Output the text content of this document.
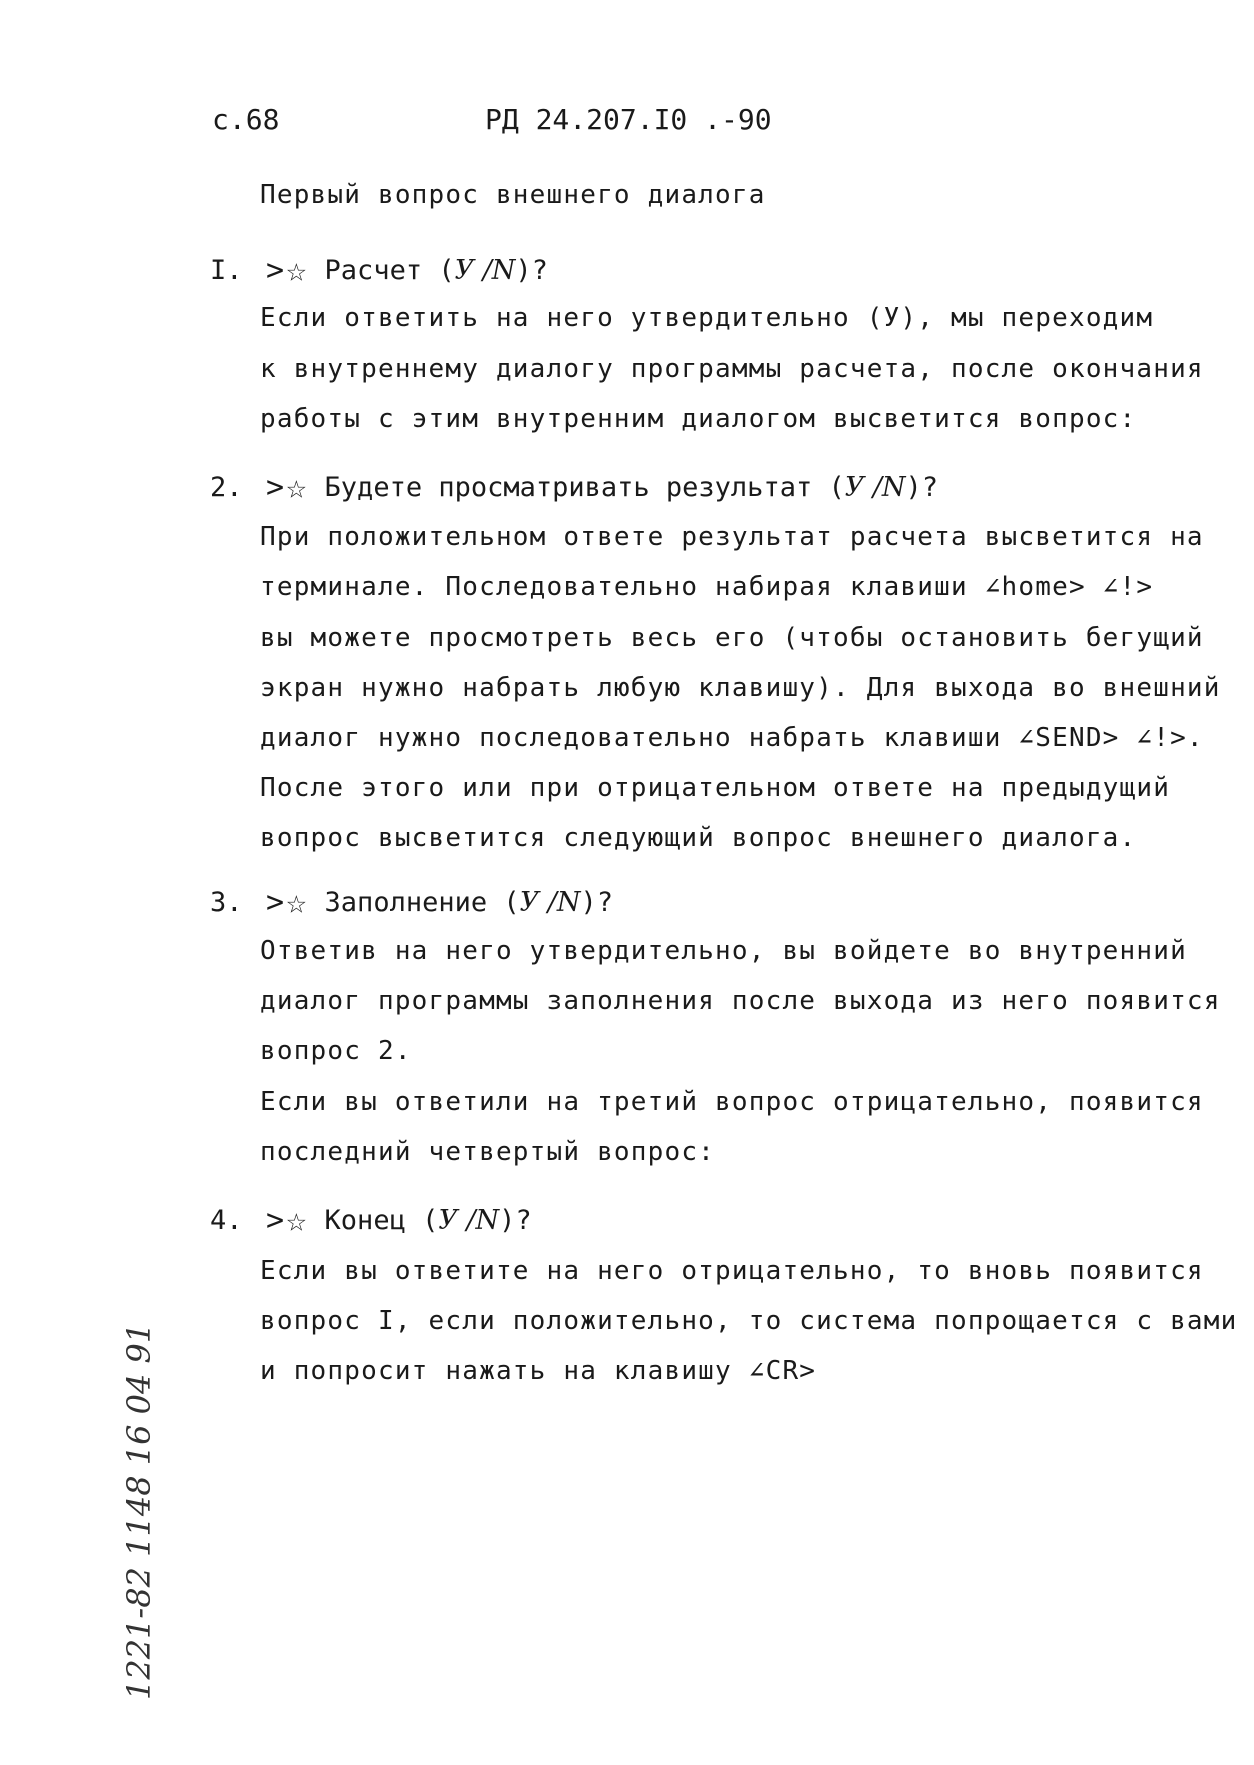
с.68	РД 24.207.I0 .-90
Первый вопрос внешнего диалога
I. > ☆ Расчет ( У /N )?
Если ответить на него утвердительно (У), мы переходим
к внутреннему диалогу программы расчета, после окончания
работы с этим внутренним диалогом высветится вопрос:
2. > ☆ Будете просматривать результат ( У /N )?
При положительном ответе результат расчета высветится на
терминале. Последовательно набирая клавиши ∠home> ∠!>
вы можете просмотреть весь его (чтобы остановить бегущий
экран нужно набрать любую клавишу). Для выхода во внешний
диалог нужно последовательно набрать клавиши ∠SEND> ∠!>.
После этого или при отрицательном ответе на предыдущий
вопрос высветится следующий вопрос внешнего диалога.
3. > ☆ Заполнение ( У /N )?
Ответив на него утвердительно, вы войдете во внутренний
диалог программы заполнения после выхода из него появится
вопрос 2.
Если вы ответили на третий вопрос отрицательно, появится
последний четвертый вопрос:
4. > ☆ Конец ( У /N )?
Если вы ответите на него отрицательно, то вновь появится
вопрос I, если положительно, то система попрощается с вами
и попросит нажать на клавишу ∠CR>
1221-82 1148 16 04 91
